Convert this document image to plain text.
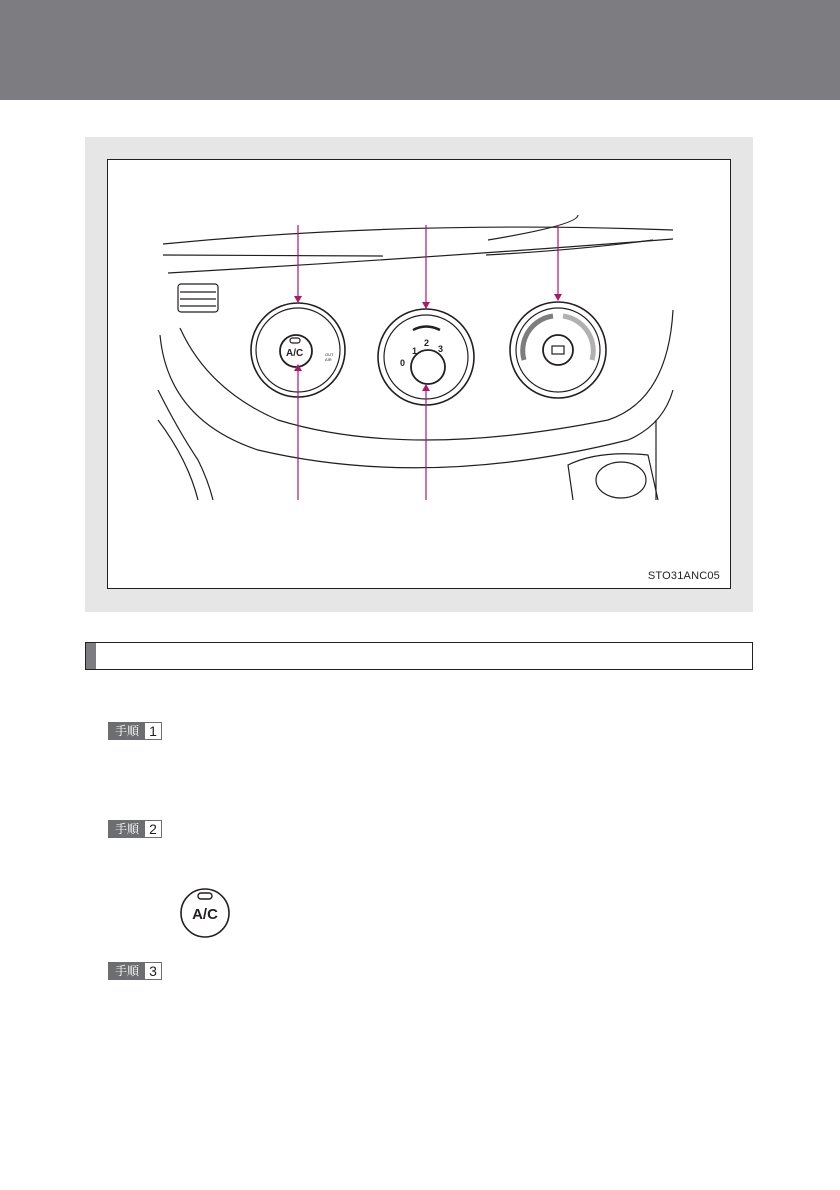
A/C
0
1
2
3
OUT
AIR
STO31ANC05
手順 1
手順 2
A/C
手順 3
